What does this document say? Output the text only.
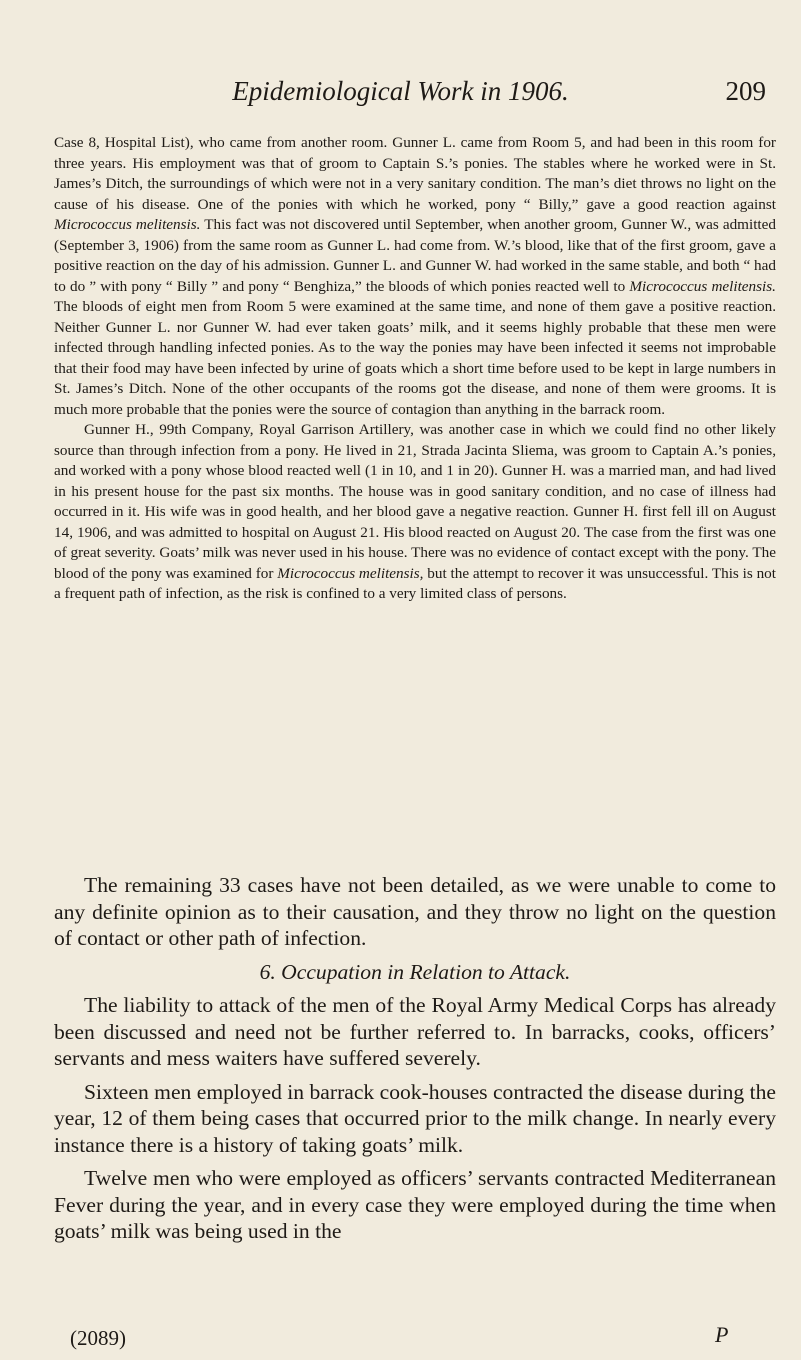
Epidemiological Work in 1906.	209

Case 8, Hospital List), who came from another room. Gunner L. came from Room 5, and had been in this room for three years. His employment was that of groom to Captain S.’s ponies. The stables where he worked were in St. James’s Ditch, the surroundings of which were not in a very sanitary condition. The man’s diet throws no light on the cause of his disease. One of the ponies with which he worked, pony “ Billy,” gave a good reaction against Micrococcus melitensis. This fact was not discovered until September, when another groom, Gunner W., was admitted (September 3, 1906) from the same room as Gunner L. had come from. W.’s blood, like that of the first groom, gave a positive reaction on the day of his admission. Gunner L. and Gunner W. had worked in the same stable, and both “ had to do ” with pony “ Billy ” and pony “ Benghiza,” the bloods of which ponies reacted well to Micrococcus melitensis. The bloods of eight men from Room 5 were examined at the same time, and none of them gave a positive reaction. Neither Gunner L. nor Gunner W. had ever taken goats’ milk, and it seems highly probable that these men were infected through handling infected ponies. As to the way the ponies may have been infected it seems not improbable that their food may have been infected by urine of goats which a short time before used to be kept in large numbers in St. James’s Ditch. None of the other occupants of the rooms got the disease, and none of them were grooms. It is much more probable that the ponies were the source of contagion than anything in the barrack room.

Gunner H., 99th Company, Royal Garrison Artillery, was another case in which we could find no other likely source than through infection from a pony. He lived in 21, Strada Jacinta Sliema, was groom to Captain A.’s ponies, and worked with a pony whose blood reacted well (1 in 10, and 1 in 20). Gunner H. was a married man, and had lived in his present house for the past six months. The house was in good sanitary condition, and no case of illness had occurred in it. His wife was in good health, and her blood gave a negative reaction. Gunner H. first fell ill on August 14, 1906, and was admitted to hospital on August 21. His blood reacted on August 20. The case from the first was one of great severity. Goats’ milk was never used in his house. There was no evidence of contact except with the pony. The blood of the pony was examined for Micrococcus melitensis, but the attempt to recover it was unsuccessful. This is not a frequent path of infection, as the risk is confined to a very limited class of persons.

The remaining 33 cases have not been detailed, as we were unable to come to any definite opinion as to their causation, and they throw no light on the question of contact or other path of infection.

6. Occupation in Relation to Attack.

The liability to attack of the men of the Royal Army Medical Corps has already been discussed and need not be further referred to. In barracks, cooks, officers’ servants and mess waiters have suffered severely.

Sixteen men employed in barrack cook-houses contracted the disease during the year, 12 of them being cases that occurred prior to the milk change. In nearly every instance there is a history of taking goats’ milk.

Twelve men who were employed as officers’ servants contracted Mediterranean Fever during the year, and in every case they were employed during the time when goats’ milk was being used in the

(2089)	P
